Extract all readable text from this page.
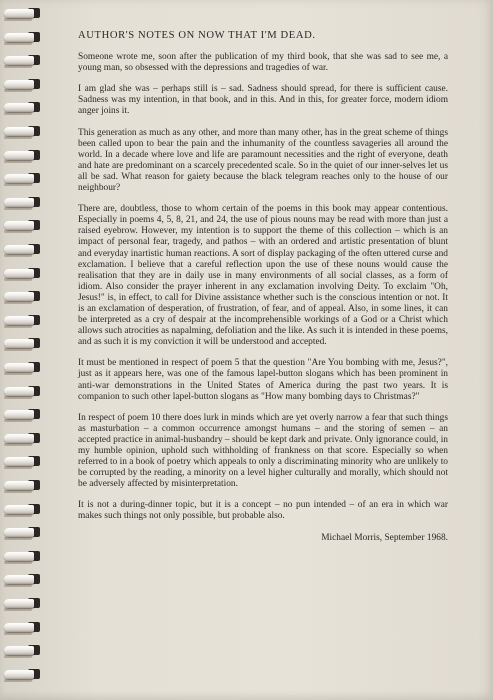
AUTHOR'S NOTES ON NOW THAT I'M DEAD.

Someone wrote me, soon after the publication of my third book, that she was sad to see me, a young man, so obsessed with the depressions and tragedies of war.

I am glad she was – perhaps still is – sad. Sadness should spread, for there is sufficient cause. Sadness was my intention, in that book, and in this. And in this, for greater force, modern idiom anger joins it.

This generation as much as any other, and more than many other, has in the great scheme of things been called upon to bear the pain and the inhumanity of the countless savageries all around the world. In a decade where love and life are paramount necessities and the right of everyone, death and hate are predominant on a scarcely precedented scale. So in the quiet of our inner-selves let us all be sad. What reason for gaiety because the black telegram reaches only to the house of our neighbour?

There are, doubtless, those to whom certain of the poems in this book may appear contentious. Especially in poems 4, 5, 8, 21, and 24, the use of pious nouns may be read with more than just a raised eyebrow. However, my intention is to support the theme of this collection – which is an impact of personal fear, tragedy, and pathos – with an ordered and artistic presentation of blunt and everyday inartistic human reactions. A sort of display packaging of the often uttered curse and exclamation. I believe that a careful reflection upon the use of these nouns would cause the realisation that they are in daily use in many environments of all social classes, as a form of idiom. Also consider the prayer inherent in any exclamation involving Deity. To exclaim "Oh, Jesus!" is, in effect, to call for Divine assistance whether such is the conscious intention or not. It is an exclamation of desperation, of frustration, of fear, and of appeal. Also, in some lines, it can be interpreted as a cry of despair at the incomprehensible workings of a God or a Christ which allows such atrocities as napalming, defoliation and the like. As such it is intended in these poems, and as such it is my conviction it will be understood and accepted.

It must be mentioned in respect of poem 5 that the question "Are You bombing with me, Jesus?", just as it appears here, was one of the famous lapel-button slogans which has been prominent in anti-war demonstrations in the United States of America during the past two years. It is companion to such other lapel-button slogans as "How many bombing days to Christmas?"

In respect of poem 10 there does lurk in minds which are yet overly narrow a fear that such things as masturbation – a common occurrence amongst humans – and the storing of semen – an accepted practice in animal-husbandry – should be kept dark and private. Only ignorance could, in my humble opinion, uphold such withholding of frankness on that score. Especially so when referred to in a book of poetry which appeals to only a discriminating minority who are unlikely to be corrupted by the reading, a minority on a level higher culturally and morally, which should not be adversely affected by misinterpretation.

It is not a during-dinner topic, but it is a concept – no pun intended – of an era in which war makes such things not only possible, but probable also.

Michael Morris, September 1968.
